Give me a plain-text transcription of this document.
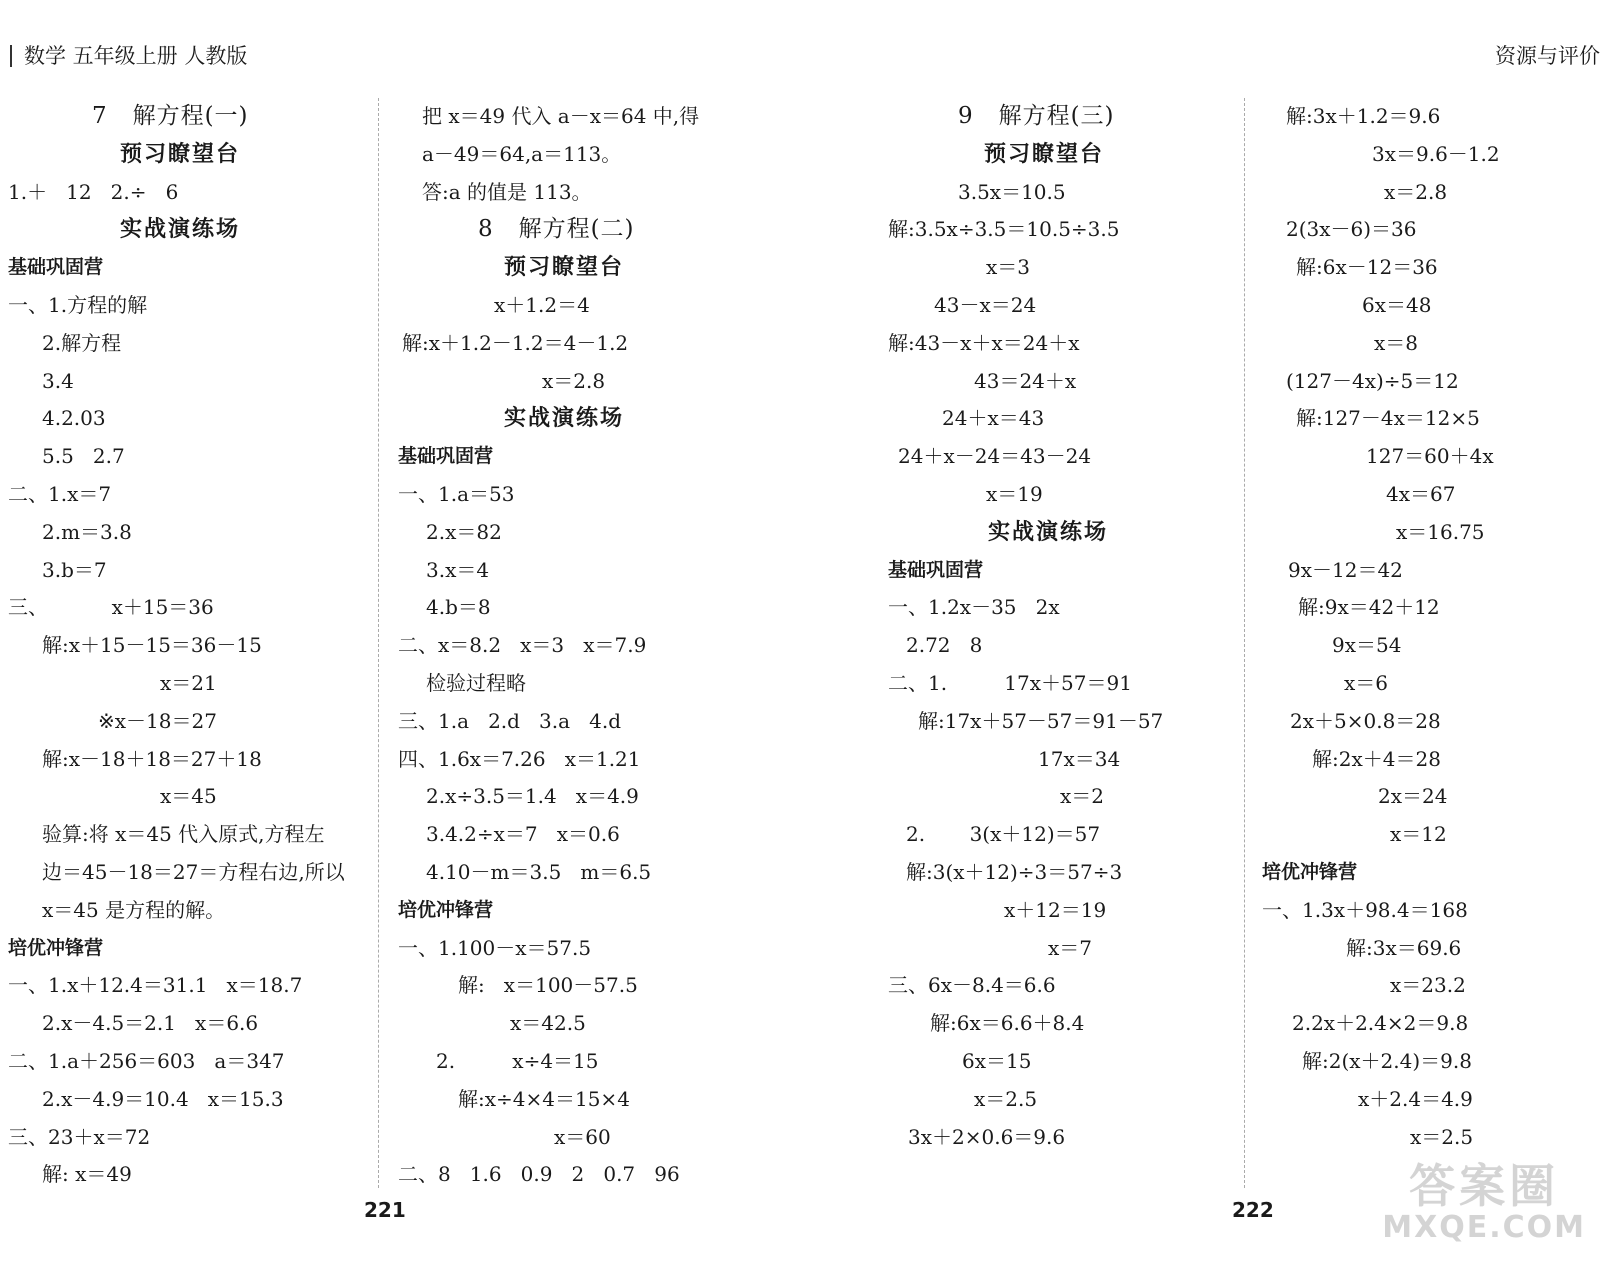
数学 五年级上册 人教版	资源与评价
7   解方程(一)
预习瞭望台
1.＋   12   2.÷   6
实战演练场
基础巩固营
一、1.方程的解
2.解方程
3.4
4.2.03
5.5   2.7
二、1.x＝7
2.m＝3.8
3.b＝7
三、          x＋15＝36
解:x＋15－15＝36－15
x＝21
※x－18＝27
解:x－18＋18＝27＋18
x＝45
验算:将 x＝45 代入原式,方程左
边＝45－18＝27＝方程右边,所以
x＝45 是方程的解。
培优冲锋营
一、1.x＋12.4＝31.1   x＝18.7
2.x－4.5＝2.1   x＝6.6
二、1.a＋256＝603   a＝347
2.x－4.9＝10.4   x＝15.3
三、23＋x＝72
解: x＝49
把 x＝49 代入 a－x＝64 中,得
a－49＝64,a＝113。
答:a 的值是 113。
8   解方程(二)
预习瞭望台
x＋1.2＝4
解:x＋1.2－1.2＝4－1.2
x＝2.8
实战演练场
基础巩固营
一、1.a＝53
2.x＝82
3.x＝4
4.b＝8
二、x＝8.2   x＝3   x＝7.9
检验过程略
三、1.a   2.d   3.a   4.d
四、1.6x＝7.26   x＝1.21
2.x÷3.5＝1.4   x＝4.9
3.4.2÷x＝7   x＝0.6
4.10－m＝3.5   m＝6.5
培优冲锋营
一、1.100－x＝57.5
解:   x＝100－57.5
x＝42.5
2.         x÷4＝15
解:x÷4×4＝15×4
x＝60
二、8   1.6   0.9   2   0.7   96
9   解方程(三)
预习瞭望台
3.5x＝10.5
解:3.5x÷3.5＝10.5÷3.5
x＝3
43－x＝24
解:43－x＋x＝24＋x
43＝24＋x
24＋x＝43
24＋x－24＝43－24
x＝19
实战演练场
基础巩固营
一、1.2x－35   2x
2.72   8
二、1.         17x＋57＝91
解:17x＋57－57＝91－57
17x＝34
x＝2
2.       3(x＋12)＝57
解:3(x＋12)÷3＝57÷3
x＋12＝19
x＝7
三、6x－8.4＝6.6
解:6x＝6.6＋8.4
6x＝15
x＝2.5
3x＋2×0.6＝9.6
解:3x＋1.2＝9.6
3x＝9.6－1.2
x＝2.8
2(3x－6)＝36
解:6x－12＝36
6x＝48
x＝8
(127－4x)÷5＝12
解:127－4x＝12×5
127＝60＋4x
4x＝67
x＝16.75
9x－12＝42
解:9x＝42＋12
9x＝54
x＝6
2x＋5×0.8＝28
解:2x＋4＝28
2x＝24
x＝12
培优冲锋营
一、1.3x＋98.4＝168
解:3x＝69.6
x＝23.2
2.2x＋2.4×2＝9.8
解:2(x＋2.4)＝9.8
x＋2.4＝4.9
x＝2.5
221	222	答案圈
MXQE.COM
